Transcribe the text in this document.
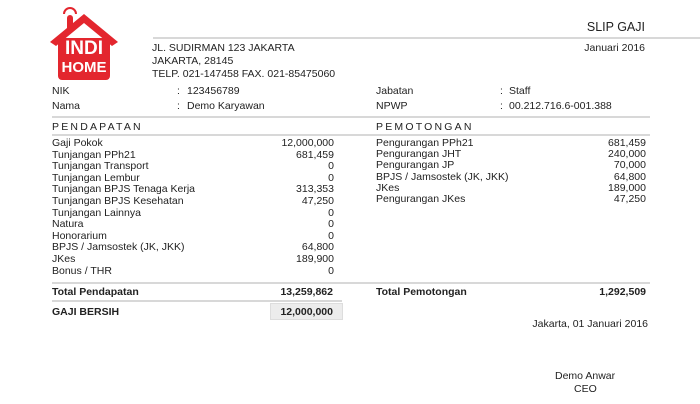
INDI
HOME
SLIP GAJI
Januari 2016
JL. SUDIRMAN 123 JAKARTA
JAKARTA, 28145
TELP. 021-147458 FAX. 021-85475060
NIK	: 123456789
Nama	: Demo Karyawan
Jabatan	: Staff
NPWP	: 00.212.716.6-001.388
PENDAPATAN	PEMOTONGAN
Gaji Pokok	12,000,000
Tunjangan PPh21	681,459
Tunjangan Transport	0
Tunjangan Lembur	0
Tunjangan BPJS Tenaga Kerja	313,353
Tunjangan BPJS Kesehatan	47,250
Tunjangan Lainnya	0
Natura	0
Honorarium	0
BPJS / Jamsostek (JK, JKK)	64,800
JKes	189,900
Bonus / THR	0
Pengurangan PPh21	681,459
Pengurangan JHT	240,000
Pengurangan JP	70,000
BPJS / Jamsostek (JK, JKK)	64,800
JKes	189,000
Pengurangan JKes	47,250
Total Pendapatan	13,259,862	Total Pemotongan	1,292,509
GAJI BERSIH	12,000,000
Jakarta, 01 Januari 2016
Demo Anwar
CEO
